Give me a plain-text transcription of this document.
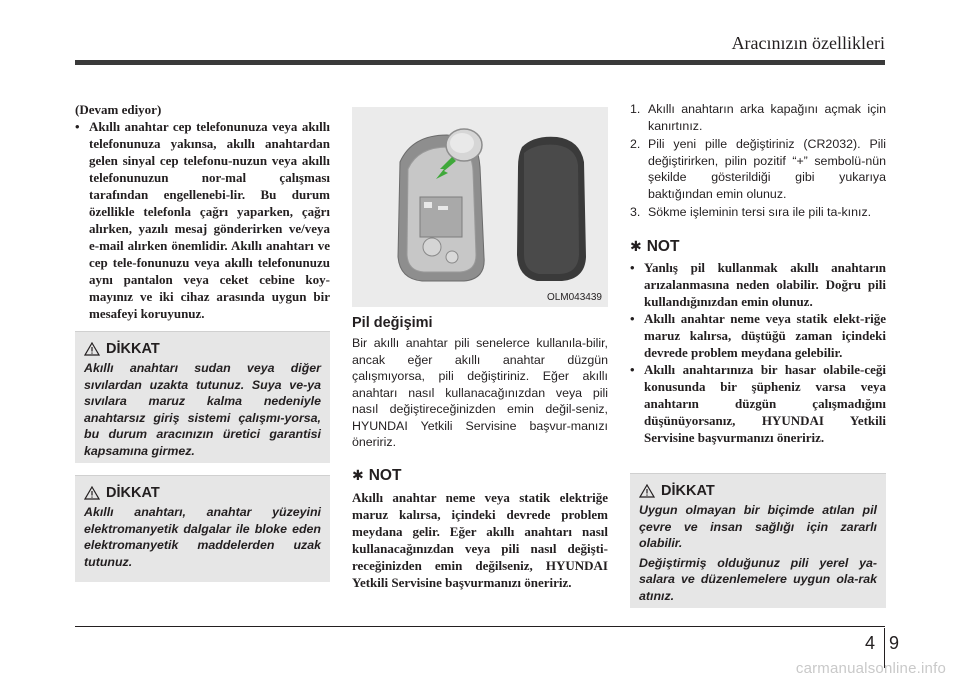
Aracınızın özellikleri
(Devam ediyor)
• Akıllı anahtar cep telefonunuza veya akıllı telefonunuza yakınsa, akıllı anahtardan gelen sinyal cep telefonu-nuzun veya akıllı telefonunuzun nor-mal çalışması tarafından engellenebi-lir. Bu durum özellikle telefonla çağrı yaparken, çağrı alırken, yazılı mesaj gönderirken ve/veya e-mail alırken önemlidir. Akıllı anahtarı ve cep tele-fonunuzu veya akıllı telefonunuzu aynı pantalon veya ceket cebine koy-mayınız ve iki cihaz arasında uygun bir mesafeyi koruyunuz.
DİKKAT
Akıllı anahtarı sudan veya diğer sıvılardan uzakta tutunuz. Suya ve-ya sıvılara maruz kalma nedeniyle anahtarsız giriş sistemi çalışmı-yorsa, bu durum aracınızın üretici garantisi kapsamına girmez.
DİKKAT
Akıllı anahtarı, anahtar yüzeyini elektromanyetik dalgalar ile bloke eden elektromanyetik maddelerden uzak tutunuz.
OLM043439
Pil değişimi
Bir akıllı anahtar pili senelerce kullanıla-bilir, ancak eğer akıllı anahtar düzgün çalışmıyorsa, pili değiştiriniz. Eğer akıllı anahtarı nasıl kullanacağınızdan veya pili nasıl değiştireceğinizden emin değil-seniz, HYUNDAI Yetkili Servisine başvur-manızı öneririz.
✱ NOT
Akıllı anahtar neme veya statik elektriğe maruz kalırsa, içindeki devrede problem meydana gelir. Eğer akıllı anahtarı nasıl kullanacağınızdan veya pili nasıl değişti-receğinizden emin değilseniz, HYUNDAI Yetkili Servisine başvurmanızı öneririz.
1. Akıllı anahtarın arka kapağını açmak için kanırtınız.
2. Pili yeni pille değiştiriniz (CR2032). Pili değiştirirken, pilin pozitif “+” sembolü-nün şekilde gösterildiği gibi yukarıya baktığından emin olunuz.
3. Sökme işleminin tersi sıra ile pili ta-kınız.
✱ NOT
• Yanlış pil kullanmak akıllı anahtarın arızalanmasına neden olabilir. Doğru pili kullandığınızdan emin olunuz.
• Akıllı anahtar neme veya statik elekt-riğe maruz kalırsa, düştüğü zaman içindeki devrede problem meydana gelebilir.
• Akıllı anahtarınıza bir hasar olabile-ceği konusunda bir şüpheniz varsa veya anahtarın düzgün çalışmadığını düşünüyorsanız, HYUNDAI Yetkili Servisine başvurmanızı öneririz.
DİKKAT
Uygun olmayan bir biçimde atılan pil çevre ve insan sağlığı için zararlı olabilir.
Değiştirmiş olduğunuz pili yerel ya-salara ve düzenlemelere uygun ola-rak atınız.
4 9
carmanualsonline.info
